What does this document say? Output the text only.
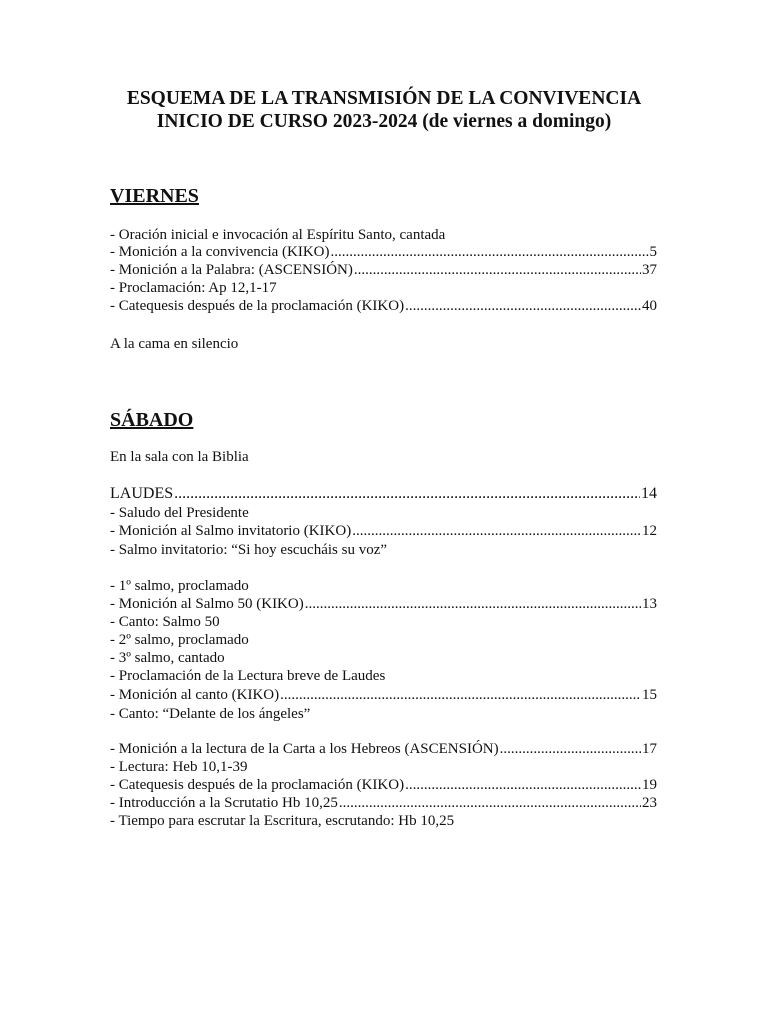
ESQUEMA DE LA TRANSMISIÓN DE LA CONVIVENCIA
INICIO DE CURSO 2023-2024 (de viernes a domingo)
VIERNES
- Oración inicial e invocación al Espíritu Santo, cantada
- Monición a la convivencia (KIKO) .....	5
- Monición a la Palabra: (ASCENSIÓN) .....	37
- Proclamación: Ap 12,1-17
- Catequesis después de la proclamación (KIKO) .....	40
A la cama en silencio
SÁBADO
En la sala con la Biblia
LAUDES .....	14
- Saludo del Presidente
- Monición al Salmo invitatorio (KIKO) .....	12
- Salmo invitatorio: “Si hoy escucháis su voz”
- 1º salmo, proclamado
- Monición al Salmo 50 (KIKO) .....	13
- Canto: Salmo 50
- 2º salmo, proclamado
- 3º salmo, cantado
- Proclamación de la Lectura breve de Laudes
- Monición al canto (KIKO) .....	15
- Canto: “Delante de los ángeles”
- Monición a la lectura de la Carta a los Hebreos (ASCENSIÓN) .....	17
- Lectura: Heb 10,1-39
- Catequesis después de la proclamación (KIKO) .....	19
- Introducción a la Scrutatio Hb 10,25 .....	23
- Tiempo para escrutar la Escritura, escrutando: Hb 10,25
